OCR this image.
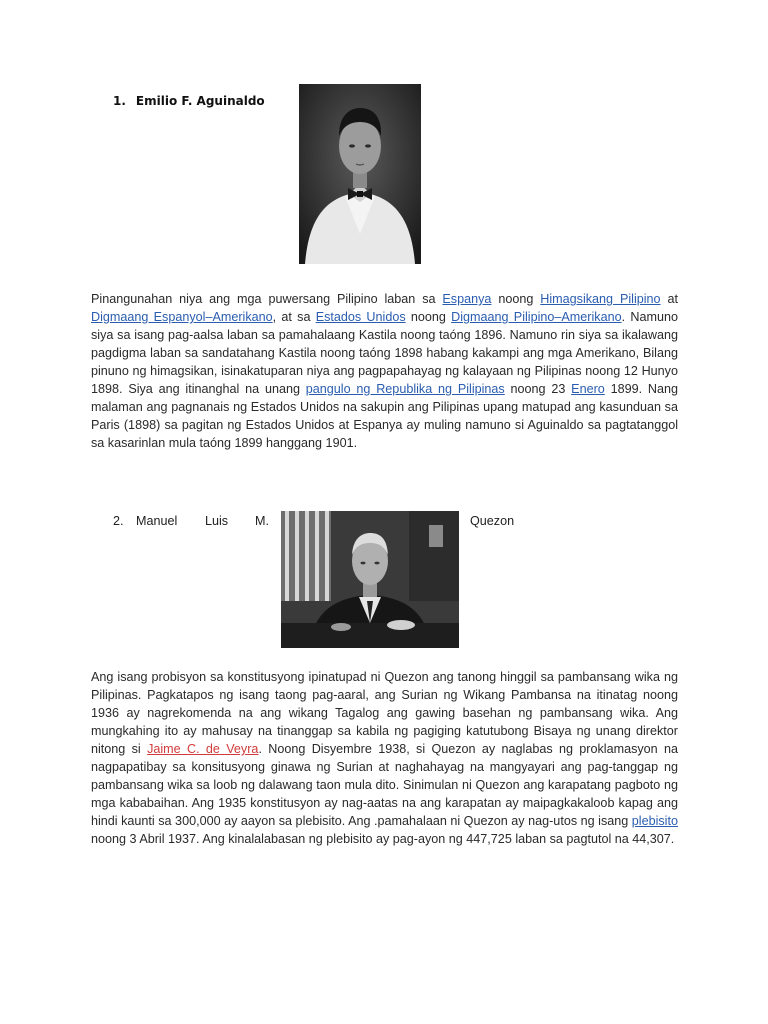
1. Emilio F. Aguinaldo
Pinangunahan niya ang mga puwersang Pilipino laban sa Espanya noong Himagsikang Pilipino at Digmaang Espanyol–Amerikano, at sa Estados Unidos noong Digmaang Pilipino–Amerikano. Namuno siya sa isang pag-aalsa laban sa pamahalaang Kastila noong taóng 1896. Namuno rin siya sa ikalawang pagdigma laban sa sandatahang Kastila noong taóng 1898 habang kakampi ang mga Amerikano, Bilang pinuno ng himagsikan, isinakatuparan niya ang pagpapahayag ng kalayaan ng Pilipinas noong 12 Hunyo 1898. Siya ang itinanghal na unang pangulo ng Republika ng Pilipinas noong 23 Enero 1899. Nang malaman ang pagnanais ng Estados Unidos na sakupin ang Pilipinas upang matupad ang kasunduan sa Paris (1898) sa pagitan ng Estados Unidos at Espanya ay muling namuno si Aguinaldo sa pagtatanggol sa kasarinlan mula taóng 1899 hanggang 1901.
2. Manuel Luis M.	Quezon
Ang isang probisyon sa konstitusyong ipinatupad ni Quezon ang tanong hinggil sa pambansang wika ng Pilipinas. Pagkatapos ng isang taong pag-aaral, ang Surian ng Wikang Pambansa na itinatag noong 1936 ay nagrekomenda na ang wikang Tagalog ang gawing basehan ng pambansang wika. Ang mungkahing ito ay mahusay na tinanggap sa kabila ng pagiging katutubong Bisaya ng unang direktor nitong si Jaime C. de Veyra. Noong Disyembre 1938, si Quezon ay naglabas ng proklamasyon na nagpapatibay sa konsitusyong ginawa ng Surian at naghahayag na mangyayari ang pag-tanggap ng pambansang wika sa loob ng dalawang taon mula dito. Sinimulan ni Quezon ang karapatang pagboto ng mga kababaihan. Ang 1935 konstitusyon ay nag-aatas na ang karapatan ay maipagkakaloob kapag ang hindi kaunti sa 300,000 ay aayon sa plebisito. Ang .pamahalaan ni Quezon ay nag-utos ng isang plebisito noong 3 Abril 1937. Ang kinalalabasan ng plebisito ay pag-ayon ng 447,725 laban sa pagtutol na 44,307.
